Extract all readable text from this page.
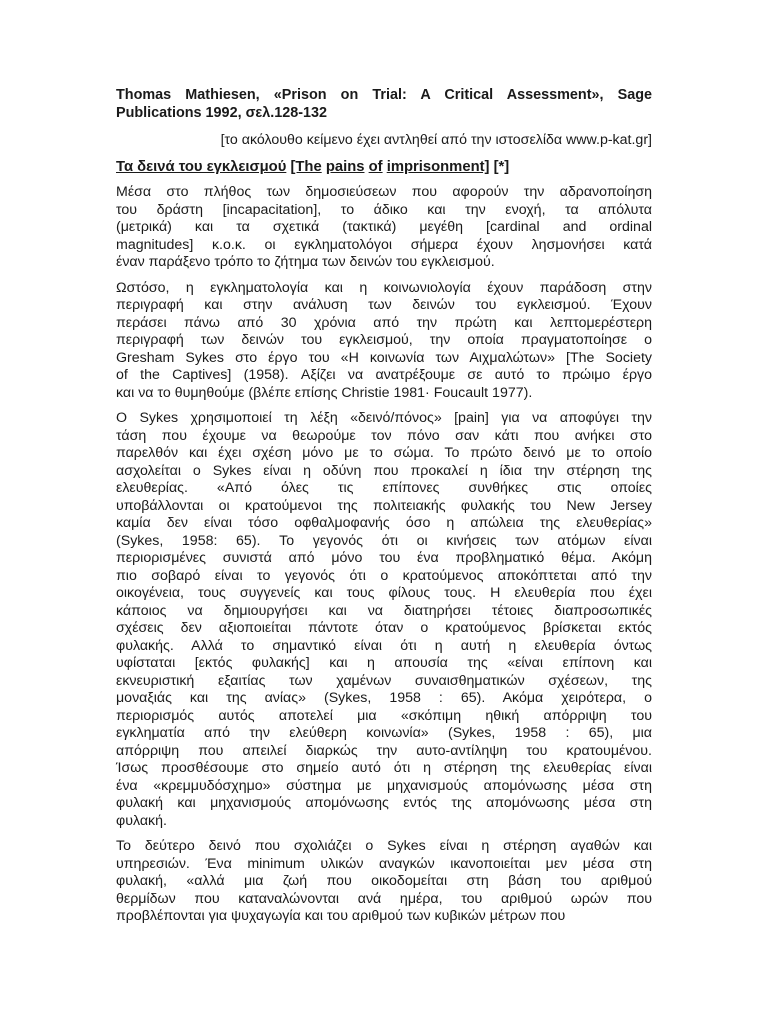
Thomas Mathiesen, «Prison on Trial: A Critical Assessment», Sage Publications 1992, σελ.128-132
[το ακόλουθο κείμενο έχει αντληθεί από την ιστοσελίδα www.p-kat.gr]
Τα δεινά του εγκλεισμού [The pains of imprisonment] [*]
Μέσα στο πλήθος των δημοσιεύσεων που αφορούν την αδρανοποίηση
του δράστη [incapacitation], το άδικο και την ενοχή, τα απόλυτα
(μετρικά) και τα σχετικά (τακτικά) μεγέθη [cardinal and ordinal
magnitudes] κ.ο.κ. οι εγκληματολόγοι σήμερα έχουν λησμονήσει κατά
έναν παράξενο τρόπο το ζήτημα των δεινών του εγκλεισμού.
Ωστόσο, η εγκληματολογία και η κοινωνιολογία έχουν παράδοση στην
περιγραφή και στην ανάλυση των δεινών του εγκλεισμού. Έχουν
περάσει πάνω από 30 χρόνια από την πρώτη και λεπτομερέστερη
περιγραφή των δεινών του εγκλεισμού, την οποία πραγματοποίησε ο
Gresham Sykes στο έργο του «Η κοινωνία των Αιχμαλώτων» [The Society
of the Captives] (1958). Αξίζει να ανατρέξουμε σε αυτό το πρώιμο έργο
και να το θυμηθούμε (βλέπε επίσης Christie 1981· Foucault 1977).
O Sykes χρησιμοποιεί τη λέξη «δεινό/πόνος» [pain] για να αποφύγει την
τάση που έχουμε να θεωρούμε τον πόνο σαν κάτι που ανήκει στο
παρελθόν και έχει σχέση μόνο με το σώμα. Το πρώτο δεινό με το οποίο
ασχολείται ο Sykes είναι η οδύνη που προκαλεί η ίδια την στέρηση της
ελευθερίας. «Από όλες τις επίπονες συνθήκες στις οποίες
υποβάλλονται οι κρατούμενοι της πολιτειακής φυλακής του New Jersey
καμία δεν είναι τόσο οφθαλμοφανής όσο η απώλεια της ελευθερίας»
(Sykes, 1958: 65). Το γεγονός ότι οι κινήσεις των ατόμων είναι
περιορισμένες συνιστά από μόνο του ένα προβληματικό θέμα. Ακόμη
πιο σοβαρό είναι το γεγονός ότι ο κρατούμενος αποκόπτεται από την
οικογένεια, τους συγγενείς και τους φίλους τους. Η ελευθερία που έχει
κάποιος να δημιουργήσει και να διατηρήσει τέτοιες διαπροσωπικές
σχέσεις δεν αξιοποιείται πάντοτε όταν ο κρατούμενος βρίσκεται εκτός
φυλακής. Αλλά το σημαντικό είναι ότι η αυτή η ελευθερία όντως
υφίσταται [εκτός φυλακής] και η απουσία της «είναι επίπονη και
εκνευριστική εξαιτίας των χαμένων συναισθηματικών σχέσεων, της
μοναξιάς και της ανίας» (Sykes, 1958 : 65). Ακόμα χειρότερα, ο
περιορισμός αυτός αποτελεί μια «σκόπιμη ηθική απόρριψη του
εγκληματία από την ελεύθερη κοινωνία» (Sykes, 1958 : 65), μια
απόρριψη που απειλεί διαρκώς την αυτο-αντίληψη του κρατουμένου.
Ίσως προσθέσουμε στο σημείο αυτό ότι η στέρηση της ελευθερίας είναι
ένα «κρεμμυδόσχημο» σύστημα με μηχανισμούς απομόνωσης μέσα στη
φυλακή και μηχανισμούς απομόνωσης εντός της απομόνωσης μέσα στη
φυλακή.
Το δεύτερο δεινό που σχολιάζει ο Sykes είναι η στέρηση αγαθών και
υπηρεσιών. Ένα minimum υλικών αναγκών ικανοποιείται μεν μέσα στη
φυλακή, «αλλά μια ζωή που οικοδομείται στη βάση του αριθμού
θερμίδων που καταναλώνονται ανά ημέρα, του αριθμού ωρών που
προβλέπονται για ψυχαγωγία και του αριθμού των κυβικών μέτρων που
